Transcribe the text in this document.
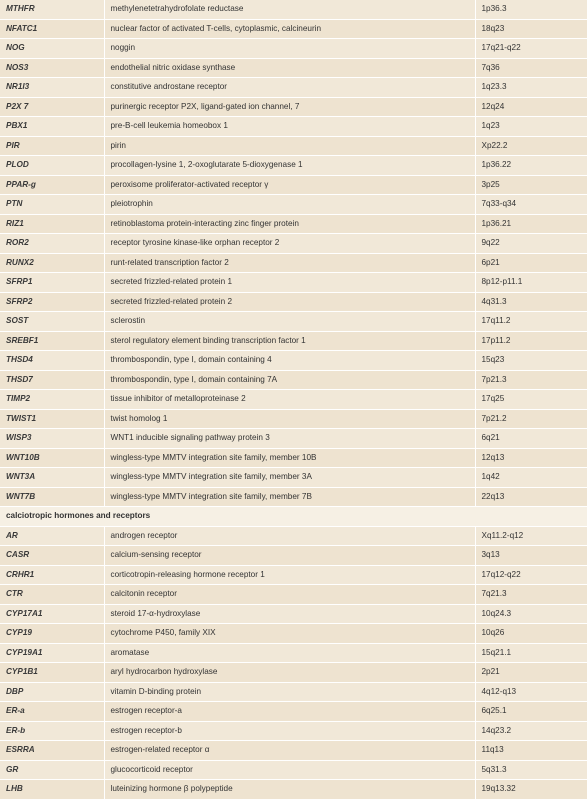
MTHFR	methylenetetrahydrofolate reductase	1p36.3
NFATC1	nuclear factor of activated T-cells, cytoplasmic, calcineurin	18q23
NOG	noggin	17q21-q22
NOS3	endothelial nitric oxidase synthase	7q36
NR1I3	constitutive androstane receptor	1q23.3
P2X 7	purinergic receptor P2X, ligand-gated ion channel, 7	12q24
PBX1	pre-B-cell leukemia homeobox 1	1q23
PIR	pirin	Xp22.2
PLOD	procollagen-lysine 1, 2-oxoglutarate 5-dioxygenase 1	1p36.22
PPAR-g	peroxisome proliferator-activated receptor γ	3p25
PTN	pleiotrophin	7q33-q34
RIZ1	retinoblastoma protein-interacting zinc finger protein	1p36.21
ROR2	receptor tyrosine kinase-like orphan receptor 2	9q22
RUNX2	runt-related transcription factor 2	6p21
SFRP1	secreted frizzled-related protein 1	8p12-p11.1
SFRP2	secreted frizzled-related protein 2	4q31.3
SOST	sclerostin	17q11.2
SREBF1	sterol regulatory element binding transcription factor 1	17p11.2
THSD4	thrombospondin, type I, domain containing 4	15q23
THSD7	thrombospondin, type I, domain containing 7A	7p21.3
TIMP2	tissue inhibitor of metalloproteinase 2	17q25
TWIST1	twist homolog 1	7p21.2
WISP3	WNT1 inducible signaling pathway protein 3	6q21
WNT10B	wingless-type MMTV integration site family, member 10B	12q13
WNT3A	wingless-type MMTV integration site family, member 3A	1q42
WNT7B	wingless-type MMTV integration site family, member 7B	22q13
calciotropic hormones and receptors		
AR	androgen receptor	Xq11.2-q12
CASR	calcium-sensing receptor	3q13
CRHR1	corticotropin-releasing hormone receptor 1	17q12-q22
CTR	calcitonin receptor	7q21.3
CYP17A1	steroid 17-α-hydroxylase	10q24.3
CYP19	cytochrome P450, family XIX	10q26
CYP19A1	aromatase	15q21.1
CYP1B1	aryl hydrocarbon hydroxylase	2p21
DBP	vitamin D-binding protein	4q12-q13
ER-a	estrogen receptor-a	6q25.1
ER-b	estrogen receptor-b	14q23.2
ESRRA	estrogen-related receptor α	11q13
GR	glucocorticoid receptor	5q31.3
LHB	luteinizing hormone β polypeptide	19q13.32
